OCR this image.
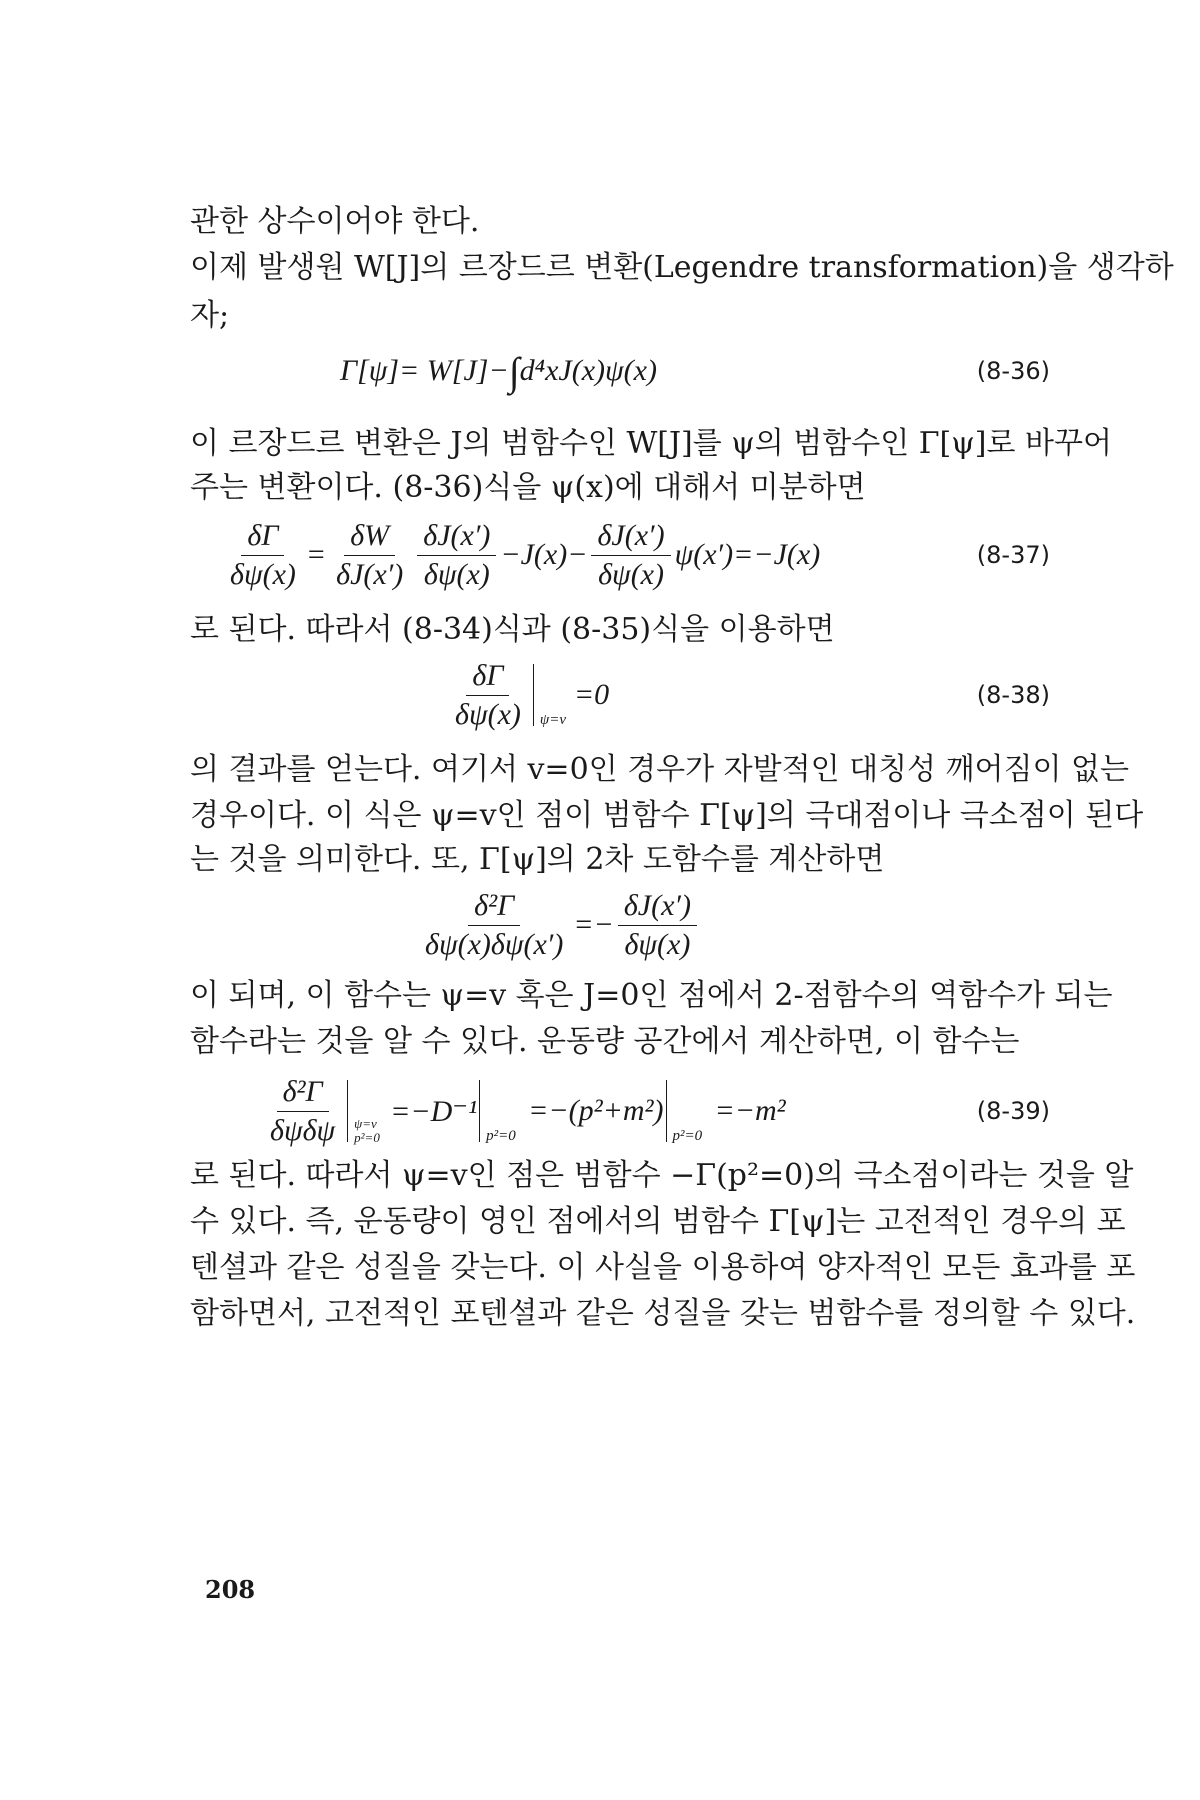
관한 상수이어야 한다.

이제 발생원 W[J]의 르장드르 변환(Legendre transformation)을 생각하

자;

Γ[ψ]= W[J]− ∫ d⁴xJ(x)ψ(x)	(8-36)

이 르장드르 변환은 J의 범함수인 W[J]를 ψ의 범함수인 Γ[ψ]로 바꾸어

주는 변환이다. (8-36)식을 ψ(x)에 대해서 미분하면

$\frac{\delta\Gamma}{\delta\psi(x)} = \frac{\delta W}{\delta J(x')} \frac{\delta J(x')}{\delta\psi(x)} -J(x)- \frac{\delta J(x')}{\delta\psi(x)} \psi(x')=-J(x)$	(8-37)

로 된다. 따라서 (8-34)식과 (8-35)식을 이용하면

$\frac{\delta\Gamma}{\delta\psi(x)} \psi=v$
=0	(8-38)

의 결과를 얻는다. 여기서 v=0인 경우가 자발적인 대칭성 깨어짐이 없는

경우이다. 이 식은 ψ=v인 점이 범함수 Γ[ψ]의 극대점이나 극소점이 된다

는 것을 의미한다. 또, Γ[ψ]의 2차 도함수를 계산하면

$\frac{\text{δ²Γ}}{\delta\psi(x)\delta\psi(x')} =- \frac{\delta J(x')}{\delta\psi(x)}$

이 되며, 이 함수는 ψ=v 혹은 J=0인 점에서 2-점함수의 역함수가 되는

함수라는 것을 알 수 있다. 운동량 공간에서 계산하면, 이 함수는

$\frac{\text{δ²Γ}}{\text{δψδψ}} \psi=v$
p²=0
=−D⁻¹
p²=0
=−(p²+m²)
p²=0
=−m²	(8-39)

로 된다. 따라서 ψ=v인 점은 범함수 −Γ(p²=0)의 극소점이라는 것을 알

수 있다. 즉, 운동량이 영인 점에서의 범함수 Γ[ψ]는 고전적인 경우의 포

텐셜과 같은 성질을 갖는다. 이 사실을 이용하여 양자적인 모든 효과를 포

함하면서, 고전적인 포텐셜과 같은 성질을 갖는 범함수를 정의할 수 있다.

208
